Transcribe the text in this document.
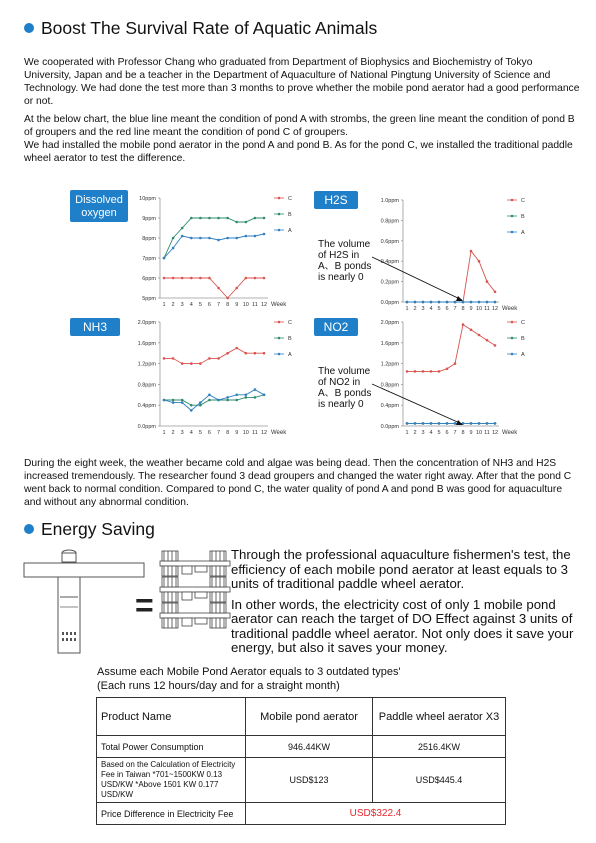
Boost The Survival Rate of Aquatic Animals

We cooperated with Professor Chang who graduated from Department of Biophysics and Biochemistry of Tokyo University, Japan and be a teacher in the Department of Aquaculture of National Pingtung University of Science and Technology. We had done the test more than 3 months to prove whether the mobile pond aerator had a good performance or not.

At the below chart, the blue line meant the condition of pond A with strombs, the green line meant the condition of pond B of groupers and the red line meant the condition of pond C of groupers.

We had installed the mobile pond aerator in the pond A and pond B. As for the pond C, we installed the traditional paddle wheel aerator to test the difference.

Dissolved
oxygen
5ppm
6ppm
7ppm
8ppm
9ppm
10ppm
1 2 3 4 5 6 7 8 9 10 11 12 Week
C
B
A
H2S
0.0ppm
0.2ppm
0.4ppm
0.6ppm
0.8ppm
1.0ppm
1 2 3 4 5 6 7 8 9 10 11 12 Week
C
B
A
The volume
of H2S in
A、B ponds
is nearly 0
NH3
0.0ppm
0.4ppm
0.8ppm
1.2ppm
1.6ppm
2.0ppm
1 2 3 4 5 6 7 8 9 10 11 12 Week
C
B
A
NO2
0.0ppm
0.4ppm
0.8ppm
1.2ppm
1.6ppm
2.0ppm
1 2 3 4 5 6 7 8 9 10 11 12 Week
C
B
A
The volume
of NO2 in
A、B ponds
is nearly 0
During the eight week, the weather became cold and algae was being dead. Then the concentration of NH3 and H2S increased tremendously. The researcher found 3 dead groupers and changed the water right away. After that the pond C went back to normal condition. Compared to pond C, the water quality of pond A and pond B was good for aquaculture and without any abnormal condition.
Energy Saving
=

Through the professional aquaculture fishermen's test, the efficiency of each mobile pond aerator at least equals to 3 units of traditional paddle wheel aerator.

In other words, the electricity cost of only 1 mobile pond aerator can reach the target of DO Effect against 3 units of traditional paddle wheel aerator. Not only does it save your energy, but also it saves your money.

Assume each Mobile Pond Aerator equals to 3 outdated types'
(Each runs 12 hours/day and for a straight month)
Product Name	Mobile pond aerator	Paddle wheel aerator X3
Total Power Consumption	946.44KW	2516.4KW
Based on the Calculation of Electricity Fee in Taiwan *701~1500KW 0.13 USD/KW *Above 1501 KW 0.177 USD/KW	USD$123	USD$445.4
Price Difference in Electricity Fee	USD$322.4	
